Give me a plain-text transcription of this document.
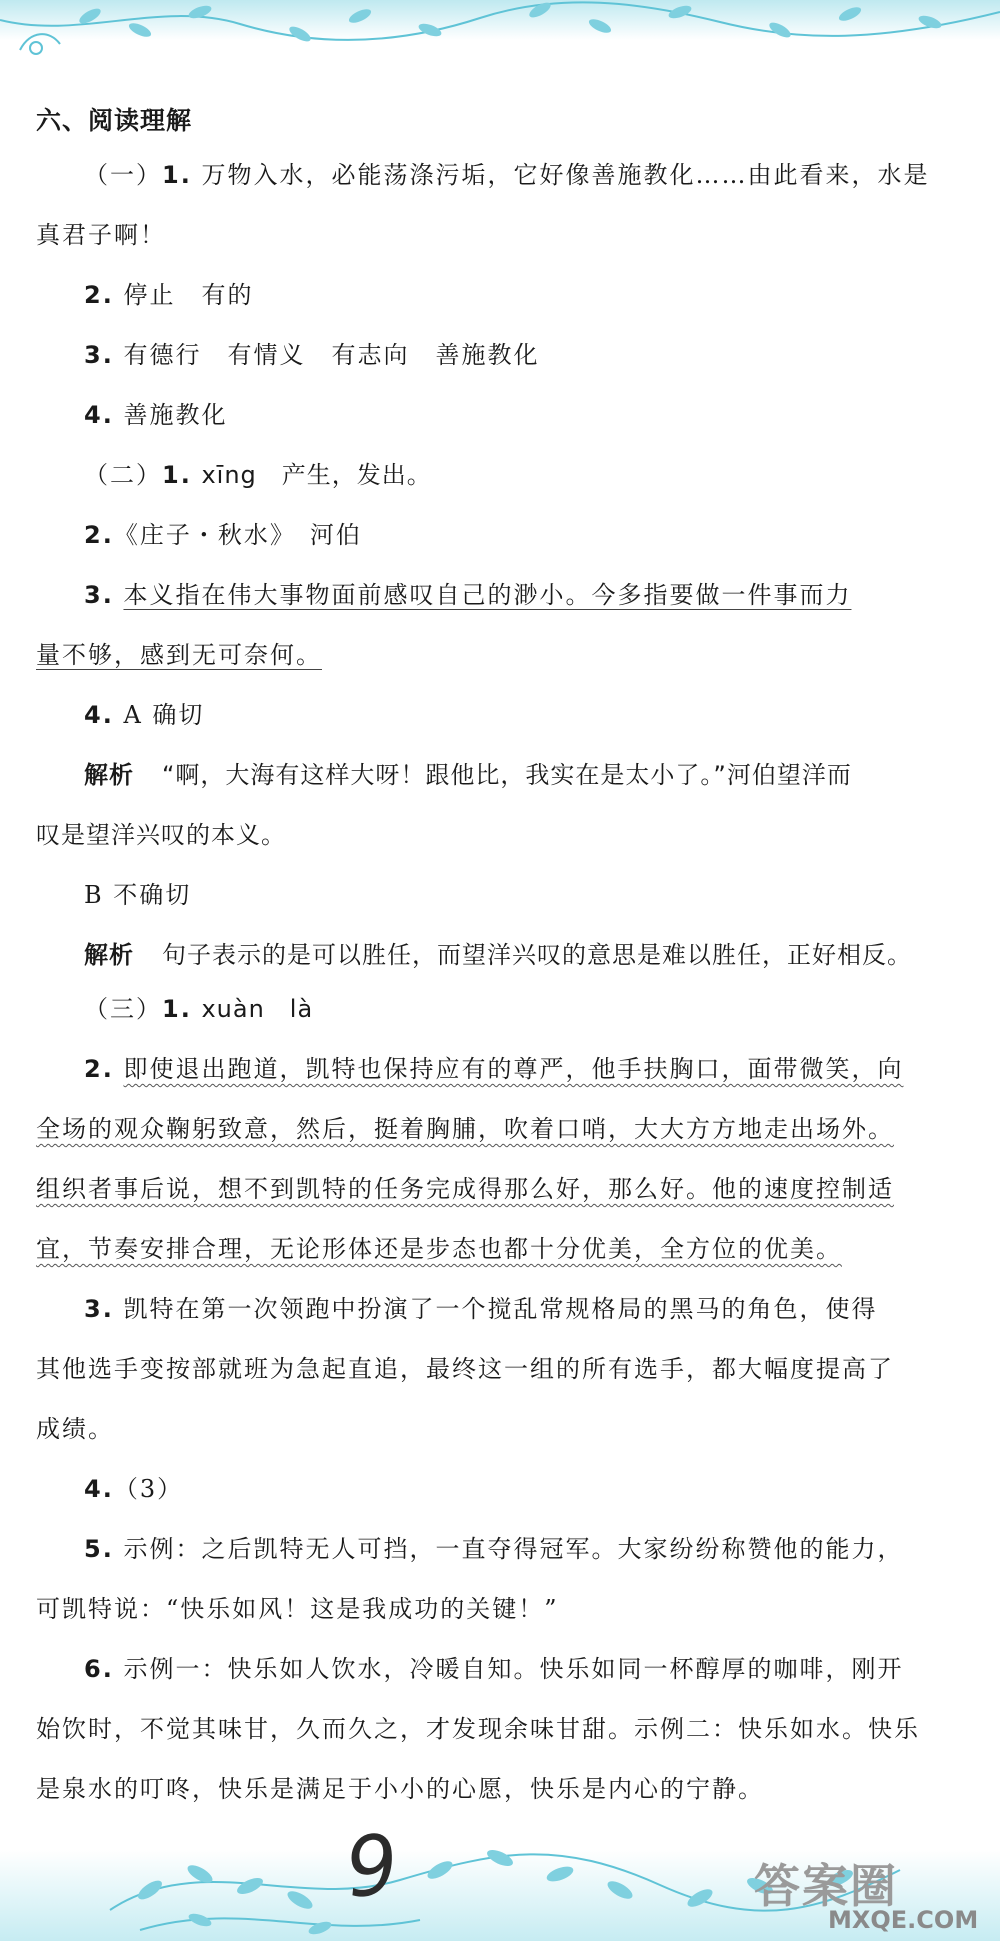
六、阅读理解
（一）1. 万物入水，必能荡涤污垢，它好像善施教化……由此看来，水是
真君子啊！
2. 停止　有的
3. 有德行　有情义　有志向　善施教化
4. 善施教化
（二）1. xīng　产生，发出。
2.《庄子・秋水》　河伯
3. 本义指在伟大事物面前感叹自己的渺小。今多指要做一件事而力
量不够，感到无可奈何。
4. A 确切
解析 “啊，大海有这样大呀！跟他比，我实在是太小了。”河伯望洋而
叹是望洋兴叹的本义。
B 不确切
解析 句子表示的是可以胜任，而望洋兴叹的意思是难以胜任，正好相反。
（三）1. xuàn　là
2. 即使退出跑道，凯特也保持应有的尊严，他手扶胸口，面带微笑，向
全场的观众鞠躬致意，然后，挺着胸脯，吹着口哨，大大方方地走出场外。
组织者事后说，想不到凯特的任务完成得那么好，那么好。他的速度控制适
宜，节奏安排合理，无论形体还是步态也都十分优美，全方位的优美。
3. 凯特在第一次领跑中扮演了一个搅乱常规格局的黑马的角色，使得
其他选手变按部就班为急起直追，最终这一组的所有选手，都大幅度提高了
成绩。
4.（3）
5. 示例：之后凯特无人可挡，一直夺得冠军。大家纷纷称赞他的能力，
可凯特说：“快乐如风！这是我成功的关键！”
6. 示例一：快乐如人饮水，冷暖自知。快乐如同一杯醇厚的咖啡，刚开
始饮时，不觉其味甘，久而久之，才发现余味甘甜。示例二：快乐如水。快乐
是泉水的叮咚，快乐是满足于小小的心愿，快乐是内心的宁静。
9	答案圈
MXQE.COM
